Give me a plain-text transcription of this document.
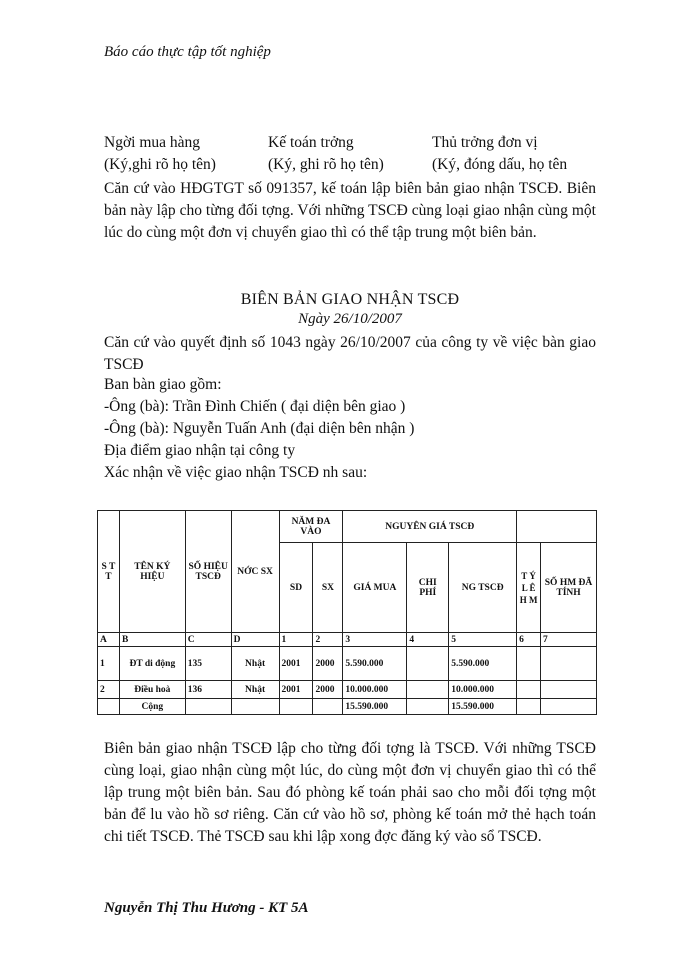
Báo cáo thực tập tốt nghiệp
Ngời mua hàng	Kế toán trởng	Thủ trởng đơn vị
(Ký,ghi rõ họ tên)	(Ký, ghi rõ họ tên)	(Ký, đóng dấu, họ tên
Căn cứ vào HĐGTGT số 091357, kế toán lập biên bản giao nhận TSCĐ. Biên bản này lập cho từng đối tợng. Với những TSCĐ cùng loại giao nhận cùng một lúc do cùng một đơn vị chuyển giao thì có thể tập trung một biên bản.
BIÊN BẢN GIAO NHẬN TSCĐ
Ngày 26/10/2007
Căn cứ vào quyết định số 1043 ngày 26/10/2007 của công ty về việc bàn giao TSCĐ
Ban bàn giao gồm:
-Ông (bà): Trần Đình Chiến ( đại diện bên giao )
-Ông (bà): Nguyễn Tuấn Anh (đại diện bên nhận )
Địa điểm giao nhận tại công ty
Xác nhận về việc giao nhận TSCĐ nh sau:
S T T	TÊN KÝ HIỆU	SỐ HIỆU TSCĐ	NỚC SX	NĂM ĐA VÀO		NGUYÊN GIÁ TSCĐ				
				SD	SX	GIÁ MUA	CHI PHÍ	NG TSCĐ	T Ý L Ê H M	SỐ HM ĐÃ TÍNH
A	B	C	D	1	2	3	4	5	6	7
1	ĐT di động	135	Nhật	2001	2000	5.590.000		5.590.000		
2	Điều hoà	136	Nhật	2001	2000	10.000.000		10.000.000		
	Cộng					15.590.000		15.590.000		
Biên bản giao nhận TSCĐ lập cho từng đối tợng là TSCĐ. Với những TSCĐ cùng loại, giao nhận cùng một lúc, do cùng một đơn vị chuyển giao thì có thể lập trung một biên bản. Sau đó phòng kế toán phải sao cho mỗi đối tợng một bản để lu vào hồ sơ riêng. Căn cứ vào hồ sơ, phòng kế toán mở thẻ hạch toán chi tiết TSCĐ. Thẻ TSCĐ sau khi lập xong đợc đăng ký vào sổ TSCĐ.
Nguyễn Thị Thu Hương - KT 5A
